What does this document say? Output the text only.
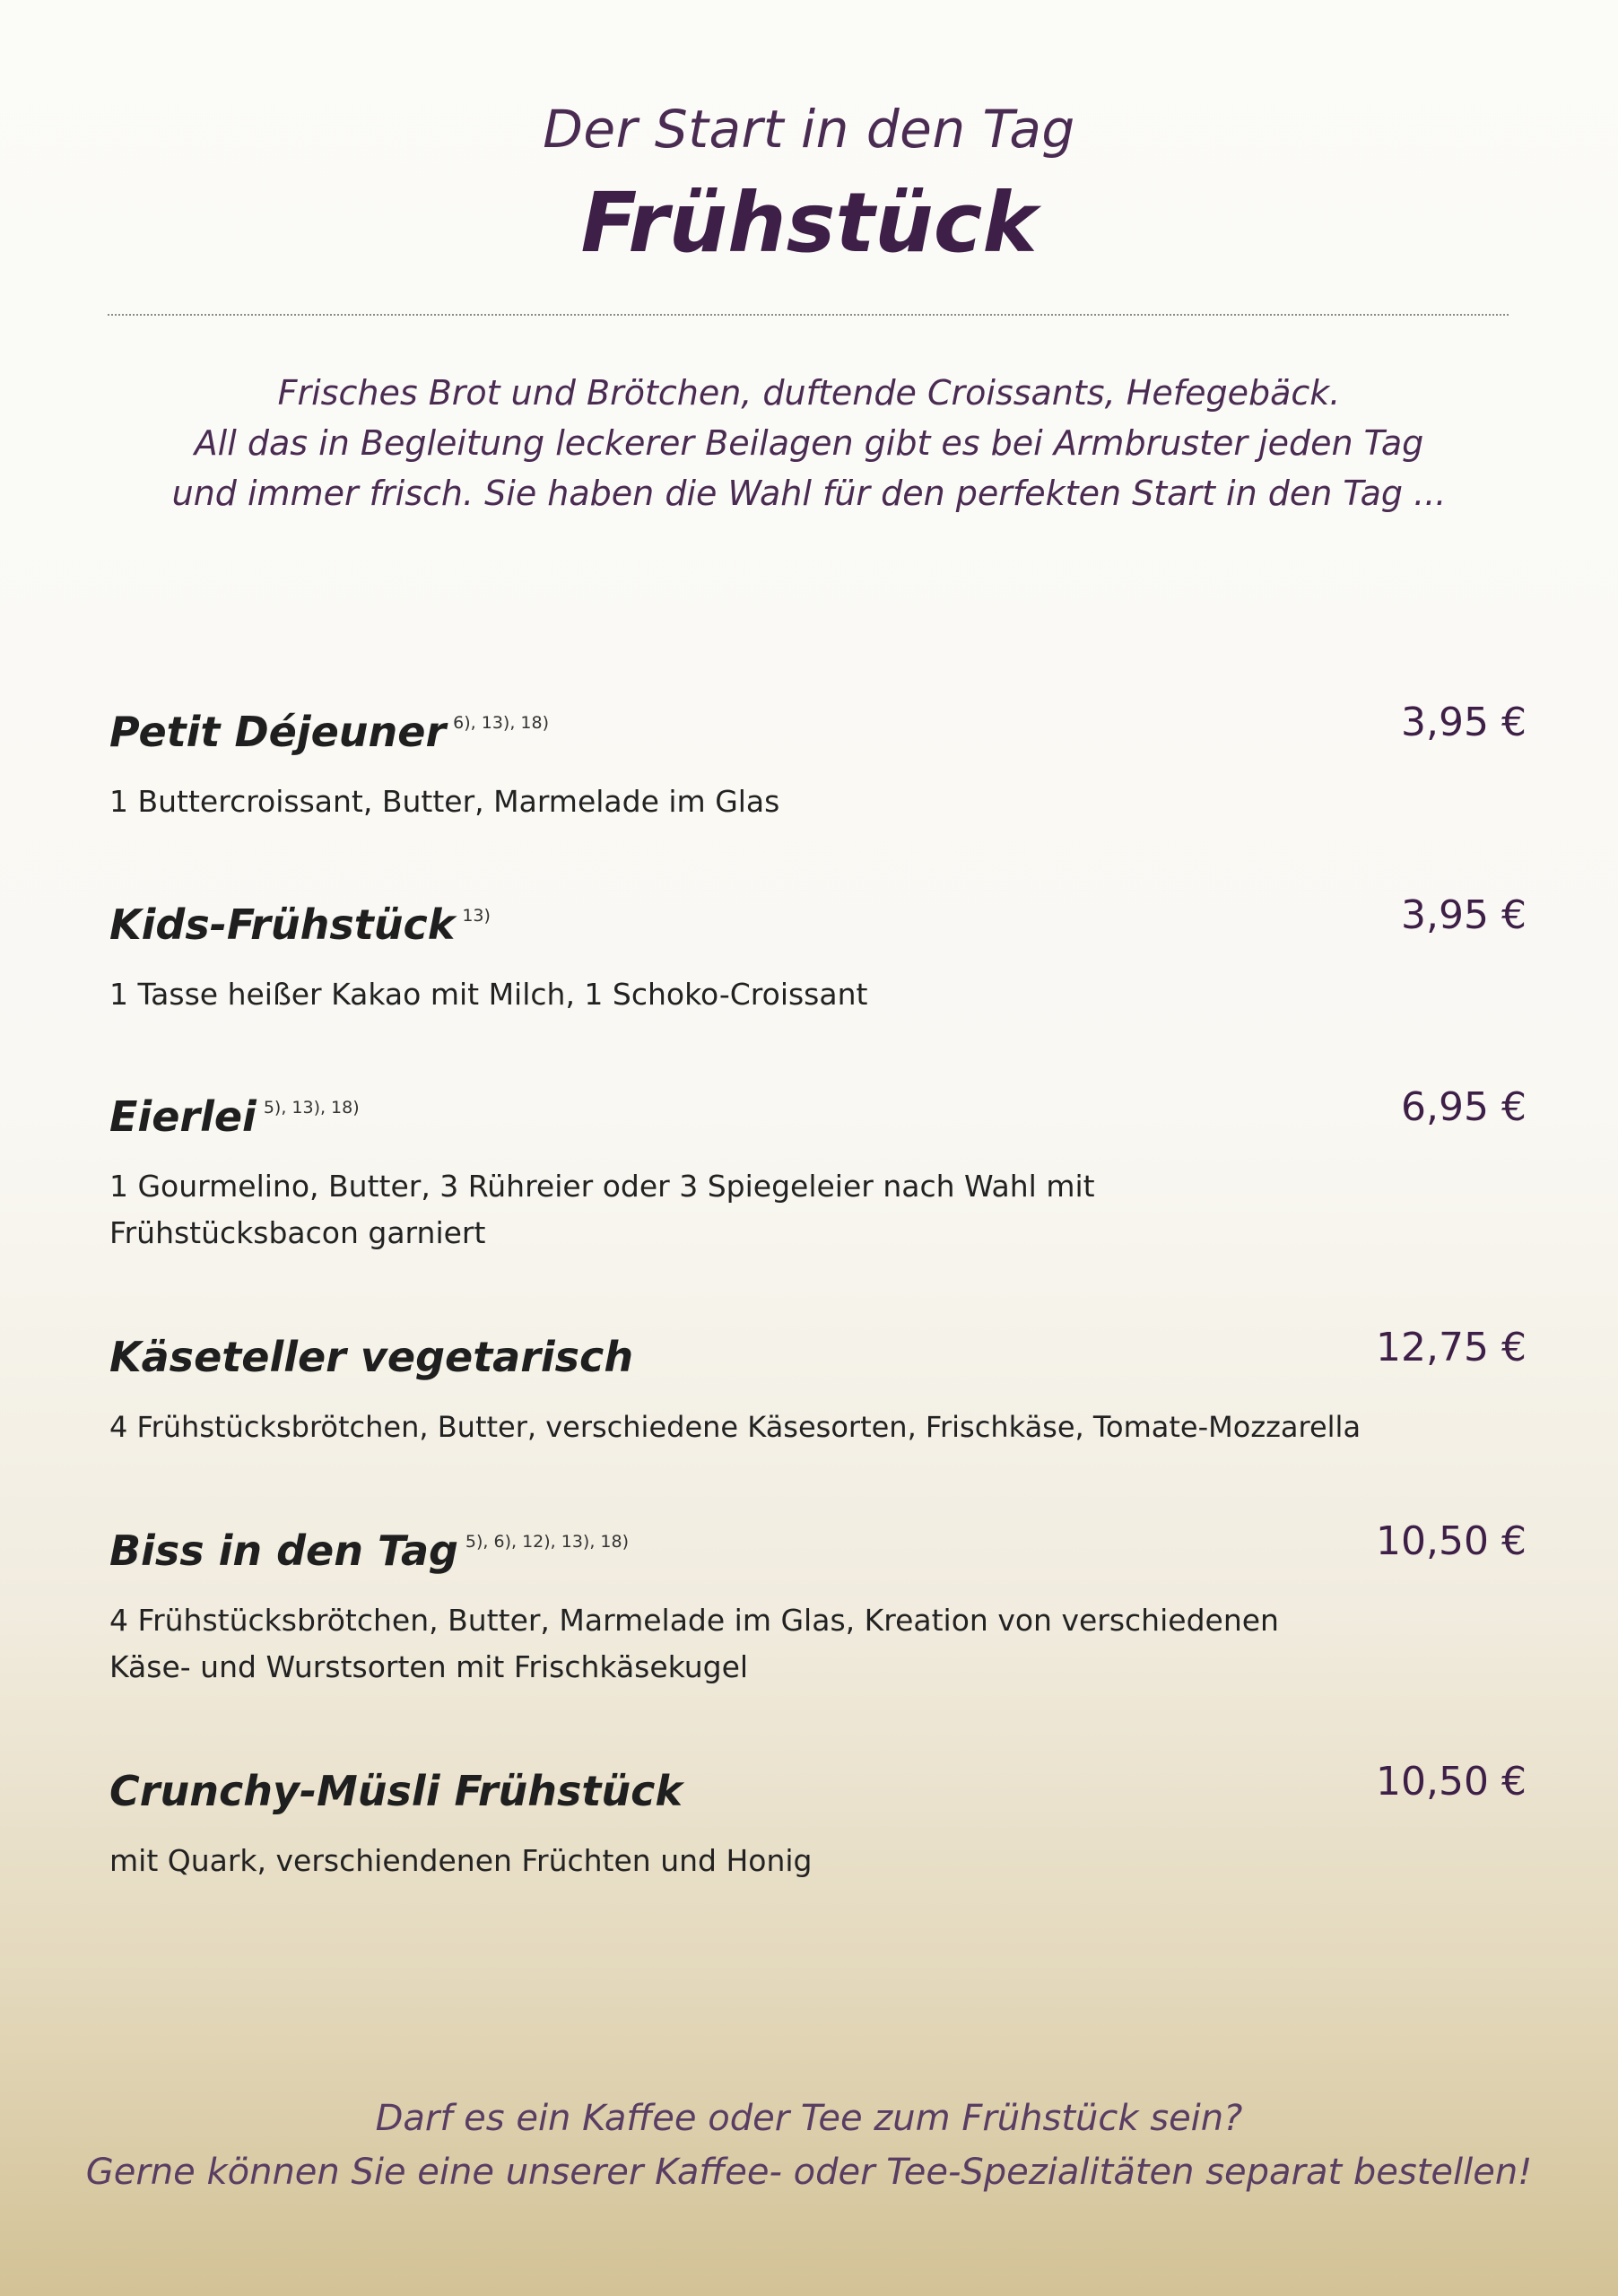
Der Start in den Tag
Frühstück
Frisches Brot und Brötchen, duftende Croissants, Hefegebäck.
All das in Begleitung leckerer Beilagen gibt es bei Armbruster jeden Tag
und immer frisch. Sie haben die Wahl für den perfekten Start in den Tag ...
Petit Déjeuner $^{6), 13), 18)}$	3,95 €
1 Buttercroissant, Butter, Marmelade im Glas
Kids-Frühstück $^{13)}$	3,95 €
1 Tasse heißer Kakao mit Milch, 1 Schoko-Croissant
Eierlei $^{5), 13), 18)}$	6,95 €
1 Gourmelino, Butter, 3 Rühreier oder 3 Spiegeleier nach Wahl mit Frühstücksbacon garniert
Käseteller vegetarisch	12,75 €
4 Frühstücksbrötchen, Butter, verschiedene Käsesorten, Frischkäse, Tomate-Mozzarella
Biss in den Tag $^{5), 6), 12), 13), 18)}$	10,50 €
4 Frühstücksbrötchen, Butter, Marmelade im Glas, Kreation von verschiedenen Käse- und Wurstsorten mit Frischkäsekugel
Crunchy-Müsli Frühstück	10,50 €
mit Quark, verschiendenen Früchten und Honig
Darf es ein Kaffee oder Tee zum Frühstück sein?
Gerne können Sie eine unserer Kaffee- oder Tee-Spezialitäten separat bestellen!
